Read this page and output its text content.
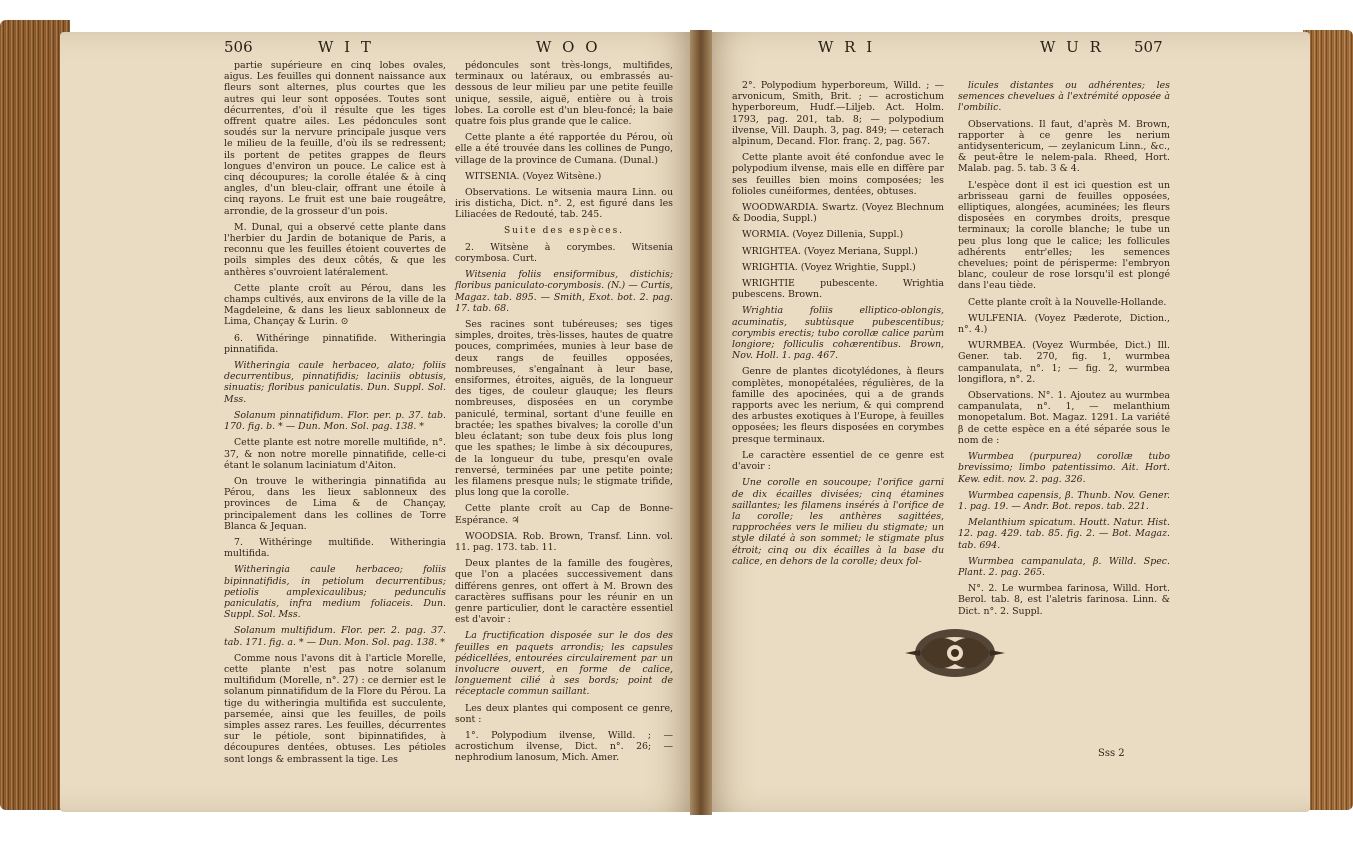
506	W I T	W O O	W R I	W U R 507

partie supérieure en cinq lobes ovales, aigus. Les feuilles qui donnent naissance aux fleurs sont alternes, plus courtes que les autres qui leur sont opposées. Toutes sont décurrentes, d'où il résulte que les tiges offrent quatre ailes. Les pédoncules sont soudés sur la nervure principale jusque vers le milieu de la feuille, d'où ils se redressent; ils portent de petites grappes de fleurs longues d'environ un pouce. Le calice est à cinq découpures; la corolle étalée & à cinq angles, d'un bleu-clair, offrant une étoile à cinq rayons. Le fruit est une baie rougeâtre, arrondie, de la grosseur d'un pois.

M. Dunal, qui a observé cette plante dans l'herbier du Jardin de botanique de Paris, a reconnu que les feuilles étoient couvertes de poils simples des deux côtés, & que les anthères s'ouvroient latéralement.

Cette plante croît au Pérou, dans les champs cultivés, aux environs de la ville de la Magdeleine, & dans les lieux sablonneux de Lima, Chançay & Lurin. ⊙

6. Withéringe pinnatifide. Witheringia pinnatifida.

Witheringia caule herbaceo, alato; foliis decurrentibus, pinnatifidis; laciniis obtusis, sinuatis; floribus paniculatis. Dun. Suppl. Sol. Mss.

Solanum pinnatifidum. Flor. per. p. 37. tab. 170. fig. b. * — Dun. Mon. Sol. pag. 138. *

Cette plante est notre morelle multifide, n°. 37, & non notre morelle pinnatifide, celle-ci étant le solanum laciniatum d'Aiton.

On trouve le witheringia pinnatifida au Pérou, dans les lieux sablonneux des provinces de Lima & de Chançay, principalement dans les collines de Torre Blanca & Jequan.

7. Withéringe multifide. Witheringia multifida.

Witheringia caule herbaceo; foliis bipinnatifidis, in petiolum decurrentibus; petiolis amplexicaulibus; pedunculis paniculatis, infra medium foliaceis. Dun. Suppl. Sol. Mss.

Solanum multifidum. Flor. per. 2. pag. 37. tab. 171. fig. a. * — Dun. Mon. Sol. pag. 138. *

Comme nous l'avons dit à l'article Morelle, cette plante n'est pas notre solanum multifidum (Morelle, n°. 27) : ce dernier est le solanum pinnatifidum de la Flore du Pérou. La tige du witheringia multifida est succulente, parsemée, ainsi que les feuilles, de poils simples assez rares. Les feuilles, décurrentes sur le pétiole, sont bipinnatifides, à découpures dentées, obtuses. Les pétioles sont longs & embrassent la tige. Les

pédoncules sont très-longs, multifides, terminaux ou latéraux, ou embrassés au-dessous de leur milieu par une petite feuille unique, sessile, aiguë, entière ou à trois lobes. La corolle est d'un bleu-foncé; la baie quatre fois plus grande que le calice.

Cette plante a été rapportée du Pérou, où elle a été trouvée dans les collines de Pungo, village de la province de Cumana. (Dunal.)

WITSENIA. (Voyez Witsène.)

Observations. Le witsenia maura Linn. ou iris disticha, Dict. n°. 2, est figuré dans les Liliacées de Redouté, tab. 245.

Suite des espèces.

2. Witsène à corymbes. Witsenia corymbosa. Curt.

Witsenia foliis ensiformibus, distichis; floribus paniculato-corymbosis. (N.) — Curtis, Magaz. tab. 895. — Smith, Exot. bot. 2. pag. 17. tab. 68.

Ses racines sont tubéreuses; ses tiges simples, droites, très-lisses, hautes de quatre pouces, comprimées, munies à leur base de deux rangs de feuilles opposées, nombreuses, s'engaînant à leur base, ensiformes, étroites, aiguës, de la longueur des tiges, de couleur glauque; les fleurs nombreuses, disposées en un corymbe paniculé, terminal, sortant d'une feuille en bractée; les spathes bivalves; la corolle d'un bleu éclatant; son tube deux fois plus long que les spathes; le limbe à six découpures, de la longueur du tube, presqu'en ovale renversé, terminées par une petite pointe; les filamens presque nuls; le stigmate trifide, plus long que la corolle.

Cette plante croît au Cap de Bonne-Espérance. ♃

WOODSIA. Rob. Brown, Transf. Linn. vol. 11. pag. 173. tab. 11.

Deux plantes de la famille des fougères, que l'on a placées successivement dans différens genres, ont offert à M. Brown des caractères suffisans pour les réunir en un genre particulier, dont le caractère essentiel est d'avoir :

La fructification disposée sur le dos des feuilles en paquets arrondis; les capsules pédicellées, entourées circulairement par un involucre ouvert, en forme de calice, longuement cilié à ses bords; point de réceptacle commun saillant.

Les deux plantes qui composent ce genre, sont :

1°. Polypodium ilvense, Willd. ; — acrostichum ilvense, Dict. n°. 26; — nephrodium lanosum, Mich. Amer.

2°. Polypodium hyperboreum, Willd. ; — arvonicum, Smith, Brit. ; — acrostichum hyperboreum, Hudf.—Liljeb. Act. Holm. 1793, pag. 201, tab. 8; — polypodium ilvense, Vill. Dauph. 3, pag. 849; — ceterach alpinum, Decand. Flor. franç. 2, pag. 567.

Cette plante avoit été confondue avec le polypodium ilvense, mais elle en diffère par ses feuilles bien moins composées; les folioles cunéiformes, dentées, obtuses.

WOODWARDIA. Swartz. (Voyez Blechnum & Doodia, Suppl.)

WORMIA. (Voyez Dillenia, Suppl.)

WRIGHTEA. (Voyez Meriana, Suppl.)

WRIGHTIA. (Voyez Wrightie, Suppl.)

WRIGHTIE pubescente. Wrightia pubescens. Brown.

Wrightia foliis elliptico-oblongis, acuminatis, subtùsque pubescentibus; corymbis erectis; tubo corollæ calice parùm longiore; folliculis cohærentibus. Brown, Nov. Holl. 1. pag. 467.

Genre de plantes dicotylédones, à fleurs complètes, monopétalées, régulières, de la famille des apocinées, qui a de grands rapports avec les nerium, & qui comprend des arbustes exotiques à l'Europe, à feuilles opposées; les fleurs disposées en corymbes presque terminaux.

Le caractère essentiel de ce genre est d'avoir :

Une corolle en soucoupe; l'orifice garni de dix écailles divisées; cinq étamines saillantes; les filamens insérés à l'orifice de la corolle; les anthères sagittées, rapprochées vers le milieu du stigmate; un style dilaté à son sommet; le stigmate plus étroit; cinq ou dix écailles à la base du calice, en dehors de la corolle; deux fol-

licules distantes ou adhérentes; les semences chevelues à l'extrémité opposée à l'ombilic.

Observations. Il faut, d'après M. Brown, rapporter à ce genre les nerium antidysentericum, — zeylanicum Linn., &c., & peut-être le nelem-pala. Rheed, Hort. Malab. pag. 5. tab. 3 & 4.

L'espèce dont il est ici question est un arbrisseau garni de feuilles opposées, elliptiques, alongées, acuminées; les fleurs disposées en corymbes droits, presque terminaux; la corolle blanche; le tube un peu plus long que le calice; les follicules adhérents entr'elles; les semences chevelues; point de périsperme: l'embryon blanc, couleur de rose lorsqu'il est plongé dans l'eau tiède.

Cette plante croît à la Nouvelle-Hollande.

WULFENIA. (Voyez Pæderote, Diction., n°. 4.)

WURMBEA. (Voyez Wurmbée, Dict.) Ill. Gener. tab. 270, fig. 1, wurmbea campanulata, n°. 1; — fig. 2, wurmbea longiflora, n°. 2.

Observations. N°. 1. Ajoutez au wurmbea campanulata, n°. 1, — melanthium monopetalum. Bot. Magaz. 1291. La variété β de cette espèce en a été séparée sous le nom de :

Wurmbea (purpurea) corollæ tubo brevissimo; limbo patentissimo. Ait. Hort. Kew. edit. nov. 2. pag. 326.

Wurmbea capensis, β. Thunb. Nov. Gener. 1. pag. 19. — Andr. Bot. repos. tab. 221.

Melanthium spicatum. Houtt. Natur. Hist. 12. pag. 429. tab. 85. fig. 2. — Bot. Magaz. tab. 694.

Wurmbea campanulata, β. Willd. Spec. Plant. 2. pag. 265.

N°. 2. Le wurmbea farinosa, Willd. Hort. Berol. tab. 8, est l'aletris farinosa. Linn. & Dict. n°. 2. Suppl.

Sss 2
